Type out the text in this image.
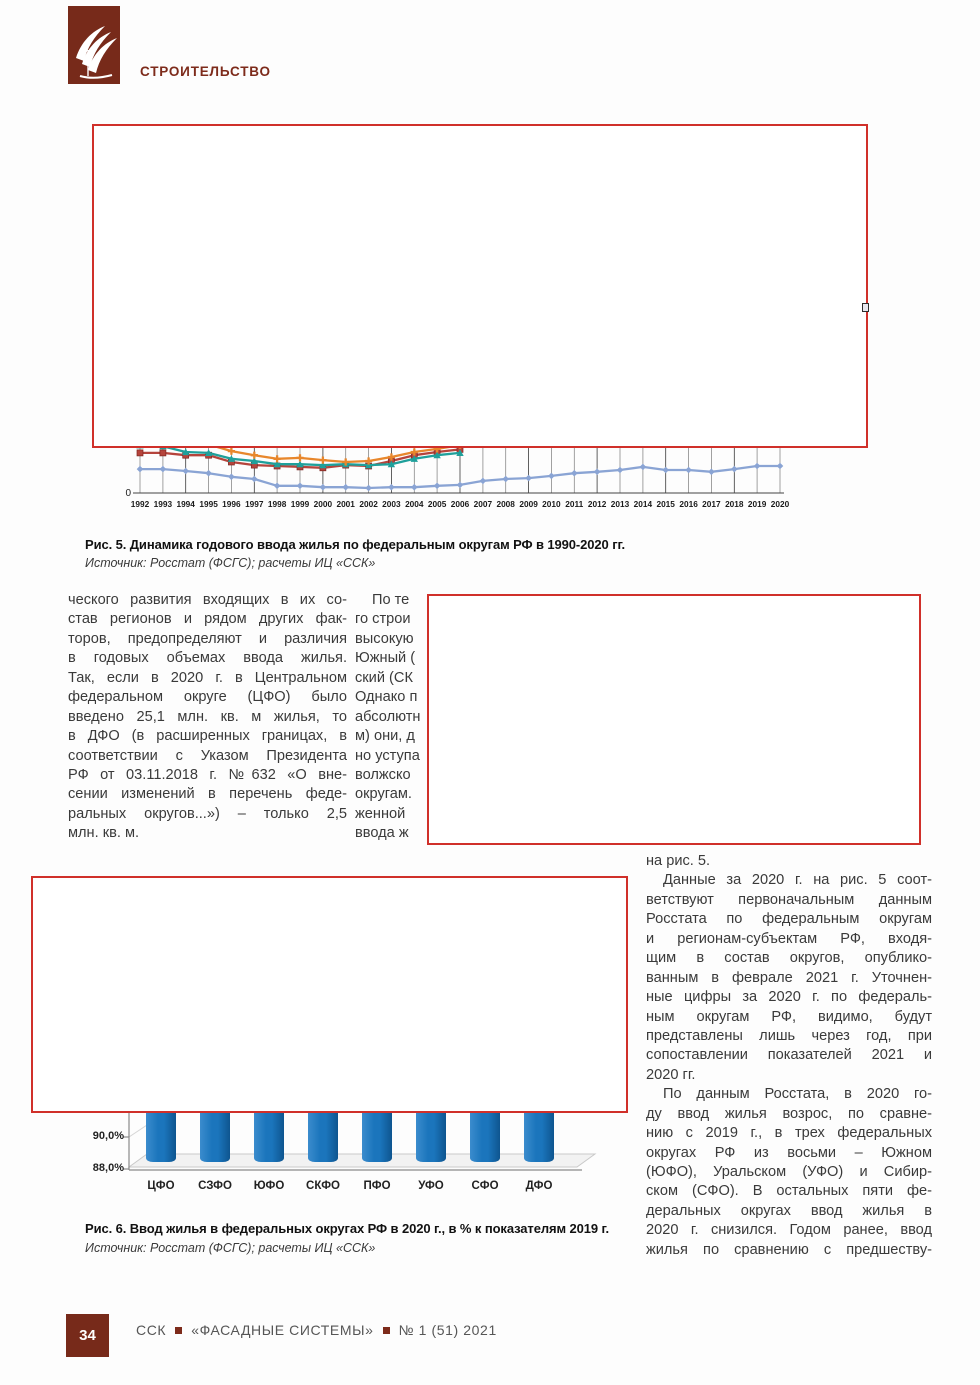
СТРОИТЕЛЬСТВО
0
1992 1993 1994 1995 1996 1997 1998 1999 2000 2001 2002 2003 2004 2005 2006 2007 2008 2009 2010 2011 2012 2013 2014 2015 2016 2017 2018 2019 2020
Рис. 5. Динамика годового ввода жилья по федеральным округам РФ в 1990-2020 гг.
Источник: Росстат (ФСГС); расчеты ИЦ «ССК»
ческого развития входящих в их со-
став регионов и рядом других фак-
торов, предопределяют и различия
в годовых объемах ввода жилья.
Так, если в 2020 г. в Центральном
федеральном округе (ЦФО) было
введено 25,1 млн. кв. м жилья, то
в ДФО (в расширенных границах, в
соответствии с Указом Президента
РФ от 03.11.2018 г. №632 «О вне-
сении изменений в перечень феде-
ральных округов...») – только 2,5
млн. кв. м.
По те
го строи
высокую
Южный (
ский (СК
Однако п
абсолютн
м) они, д
но уступа
волжско
округам.
женной
ввода ж
на рис. 5.
Данные за 2020 г. на рис. 5 соот-
ветствуют первоначальным данным
Росстата по федеральным округам
и регионам-субъектам РФ, входя-
щим в состав округов, опублико-
ванным в феврале 2021 г. Уточнен-
ные цифры за 2020 г. по федераль-
ным округам РФ, видимо, будут
представлены лишь через год, при
сопоставлении показателей 2021 и
2020 гг.
По данным Росстата, в 2020 го-
ду ввод жилья возрос, по сравне-
нию с 2019 г., в трех федеральных
округах РФ из восьми – Южном
(ЮФО), Уральском (УФО) и Сибир-
ском (СФО). В остальных пяти фе-
деральных округах ввод жилья в
2020 г. снизился. Годом ранее, ввод
жилья по сравнению с предшеству-
90,0%
88,0%
ЦФО	СЗФО	ЮФО	СКФО	ПФО	УФО	СФО	ДФО
Рис. 6. Ввод жилья в федеральных округах РФ в 2020 г., в % к показателям 2019 г.
Источник: Росстат (ФСГС); расчеты ИЦ «ССК»
34	ССК «ФАСАДНЫЕ СИСТЕМЫ» № 1 (51) 2021
